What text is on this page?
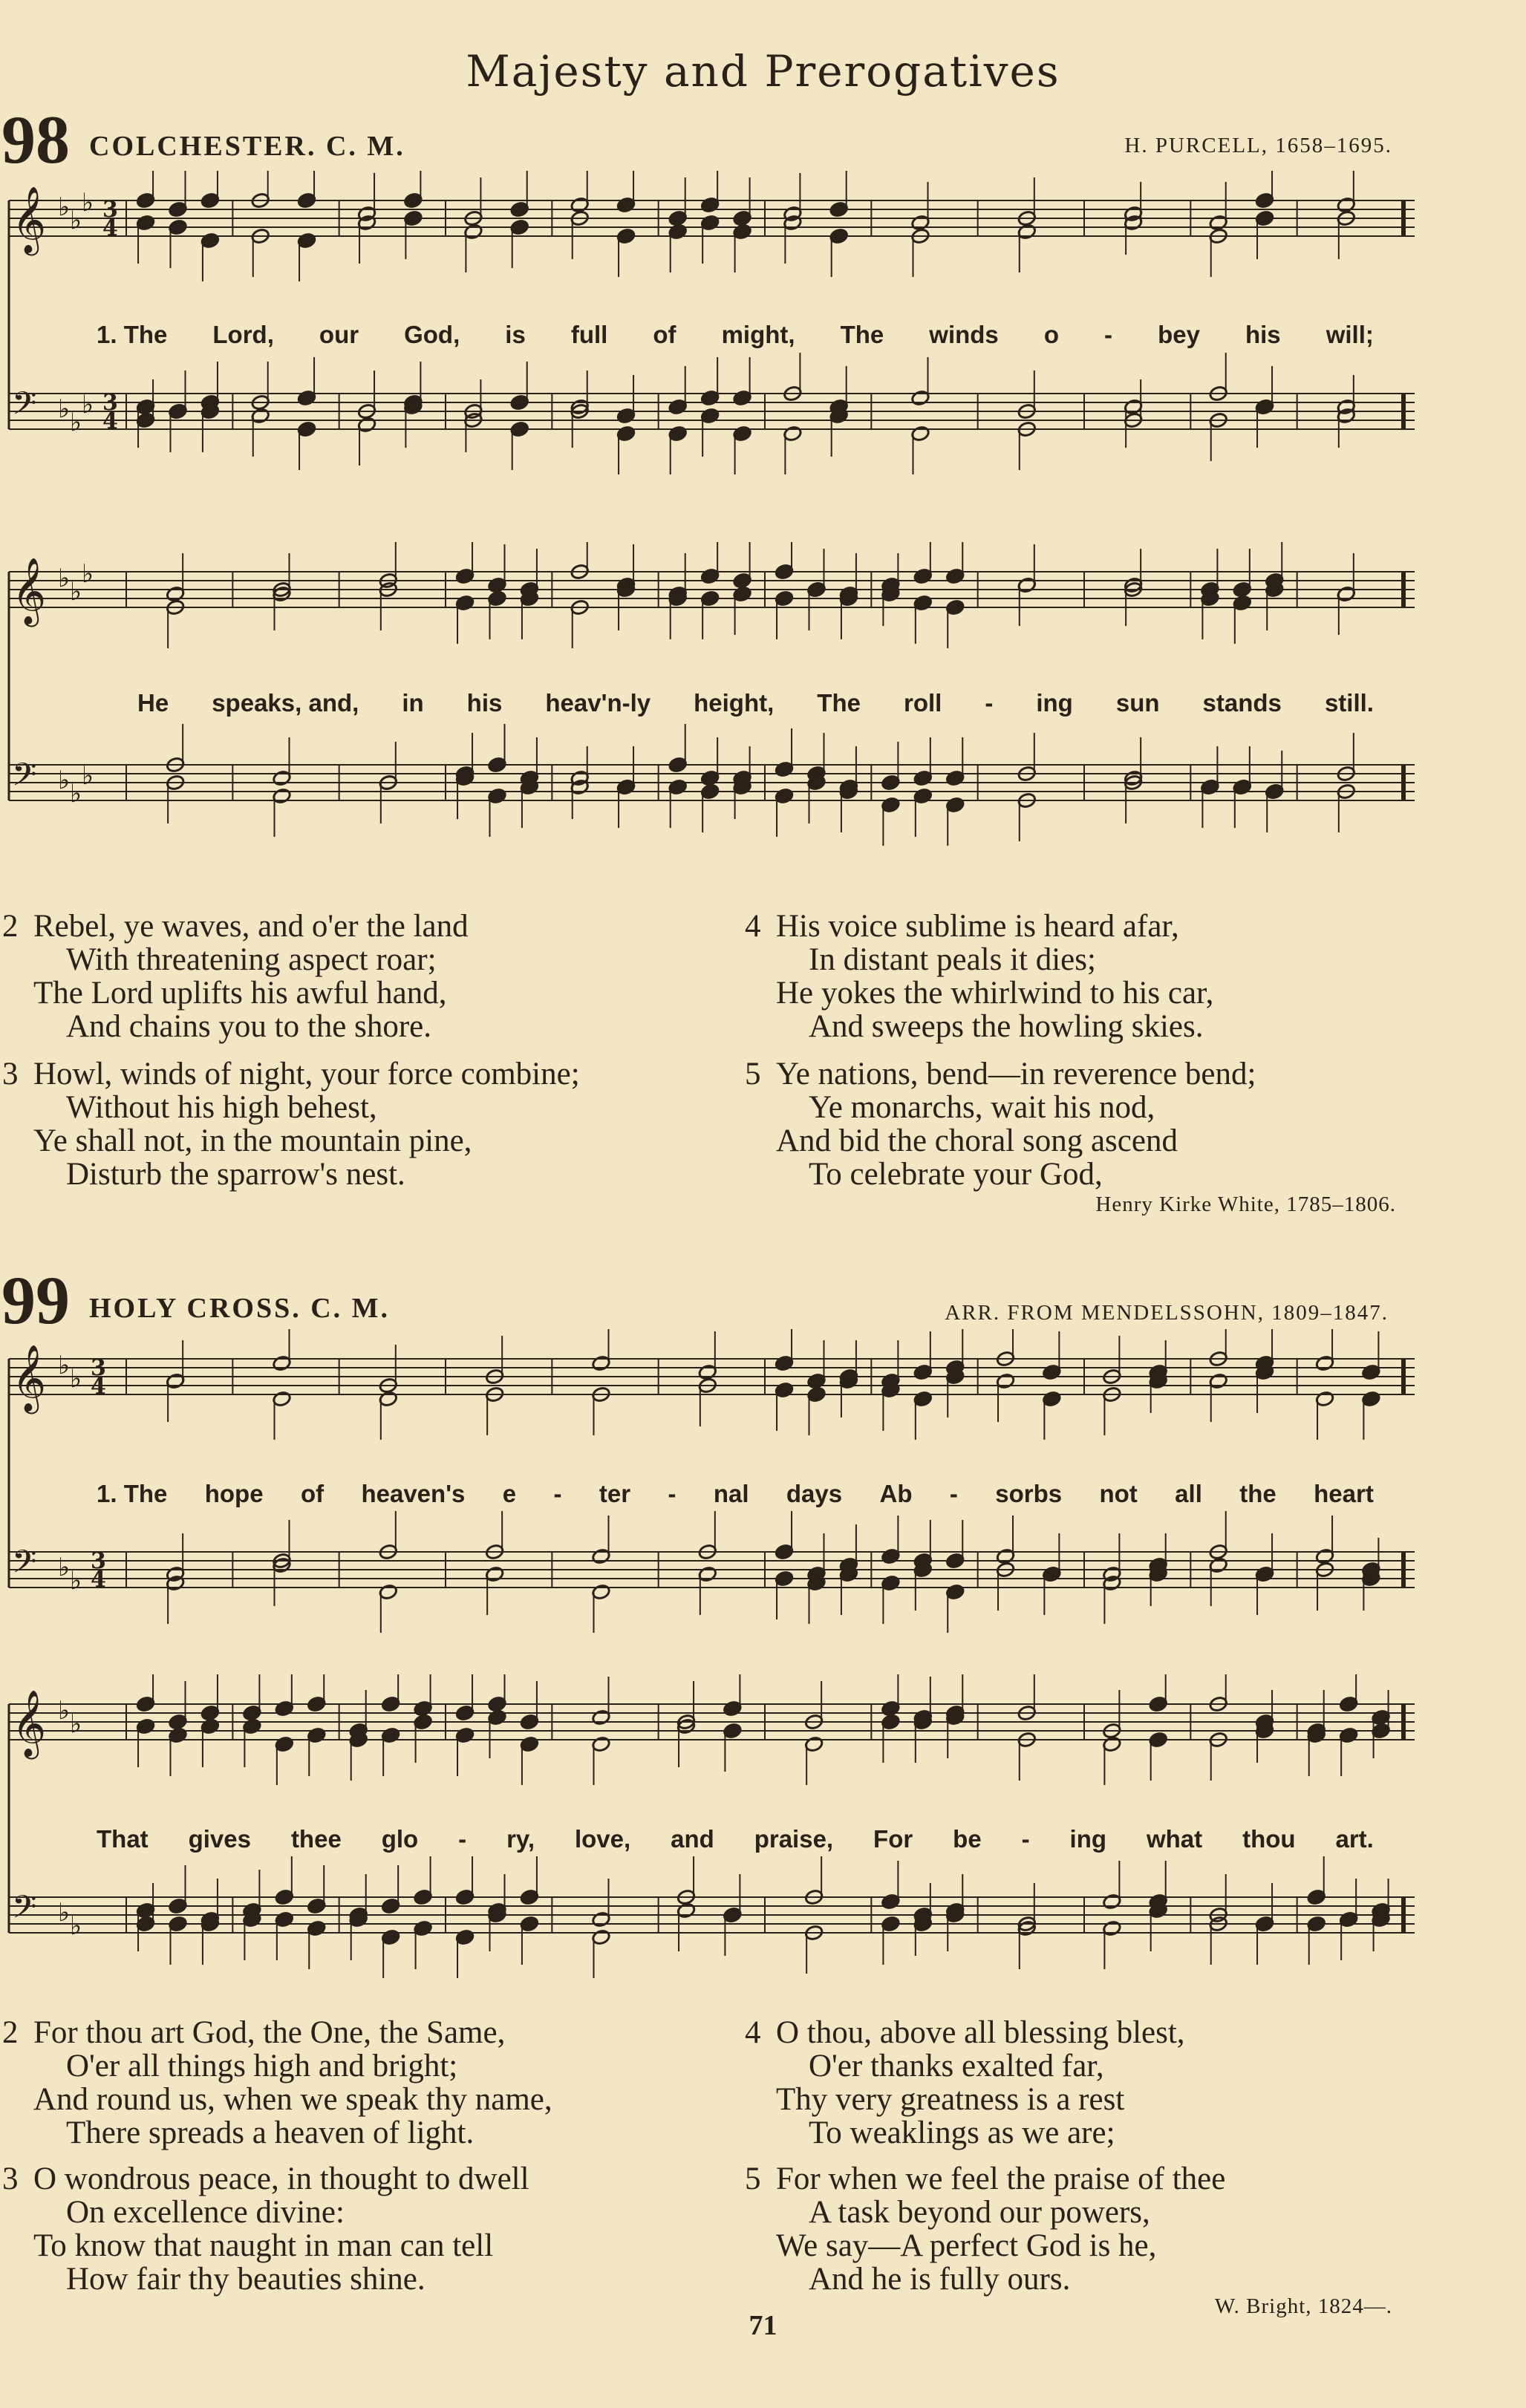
Majesty and Prerogatives
98 COLCHESTER. C. M.	H. PURCELL, 1658–1695.
𝄞 ♭ ♭
♭ 3
4
𝄢 ♭ ♭
♭ 3
4
1. The Lord, our God, is full of might, The winds o - bey his will;
𝄞 ♭ ♭
♭
𝄢 ♭ ♭
♭
He speaks, and, in his heav'n-ly height, The roll - ing sun stands still.
2 Rebel, ye waves, and o'er the land
With threatening aspect roar;
The Lord uplifts his awful hand,
And chains you to the shore.
3 Howl, winds of night, your force combine;
Without his high behest,
Ye shall not, in the mountain pine,
Disturb the sparrow's nest.
4 His voice sublime is heard afar,
In distant peals it dies;
He yokes the whirlwind to his car,
And sweeps the howling skies.
5 Ye nations, bend—in reverence bend;
Ye monarchs, wait his nod,
And bid the choral song ascend
To celebrate your God,
Henry Kirke White, 1785–1806.
99 HOLY CROSS. C. M.	ARR. FROM MENDELSSOHN, 1809–1847.
𝄞 ♭ ♭ 3
4
𝄢 ♭ ♭
3
4
1. The hope of heaven's e - ter - nal days Ab - sorbs not all the heart
𝄞 ♭ ♭
𝄢 ♭ ♭
That gives thee glo - ry, love, and praise, For be - ing what thou art.
2 For thou art God, the One, the Same,
O'er all things high and bright;
And round us, when we speak thy name,
There spreads a heaven of light.
3 O wondrous peace, in thought to dwell
On excellence divine:
To know that naught in man can tell
How fair thy beauties shine.
4 O thou, above all blessing blest,
O'er thanks exalted far,
Thy very greatness is a rest
To weaklings as we are;
5 For when we feel the praise of thee
A task beyond our powers,
We say—A perfect God is he,
And he is fully ours.
W. Bright, 1824—.
71
